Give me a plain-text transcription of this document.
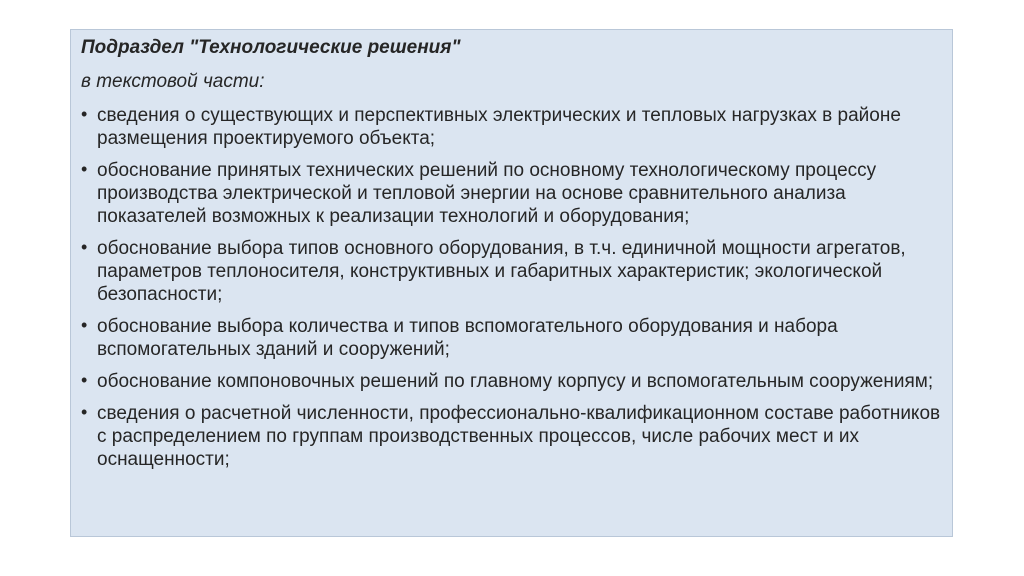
Подраздел "Технологические решения"
в текстовой части:
• сведения о существующих и перспективных электрических и тепловых нагрузках в районе размещения проектируемого объекта;
• обоснование принятых технических решений по основному технологическому процессу производства электрической и тепловой энергии на основе сравнительного анализа показателей возможных к реализации технологий и оборудования;
• обоснование выбора типов основного оборудования, в т.ч. единичной мощности агрегатов, параметров теплоносителя, конструктивных и габаритных характеристик; экологической безопасности;
• обоснование выбора количества и типов вспомогательного оборудования и набора вспомогательных зданий и сооружений;
• обоснование компоновочных решений по главному корпусу и вспомогательным сооружениям;
• сведения о расчетной численности, профессионально-квалификационном составе работников с распределением по группам производственных процессов, числе рабочих мест и их оснащенности;
